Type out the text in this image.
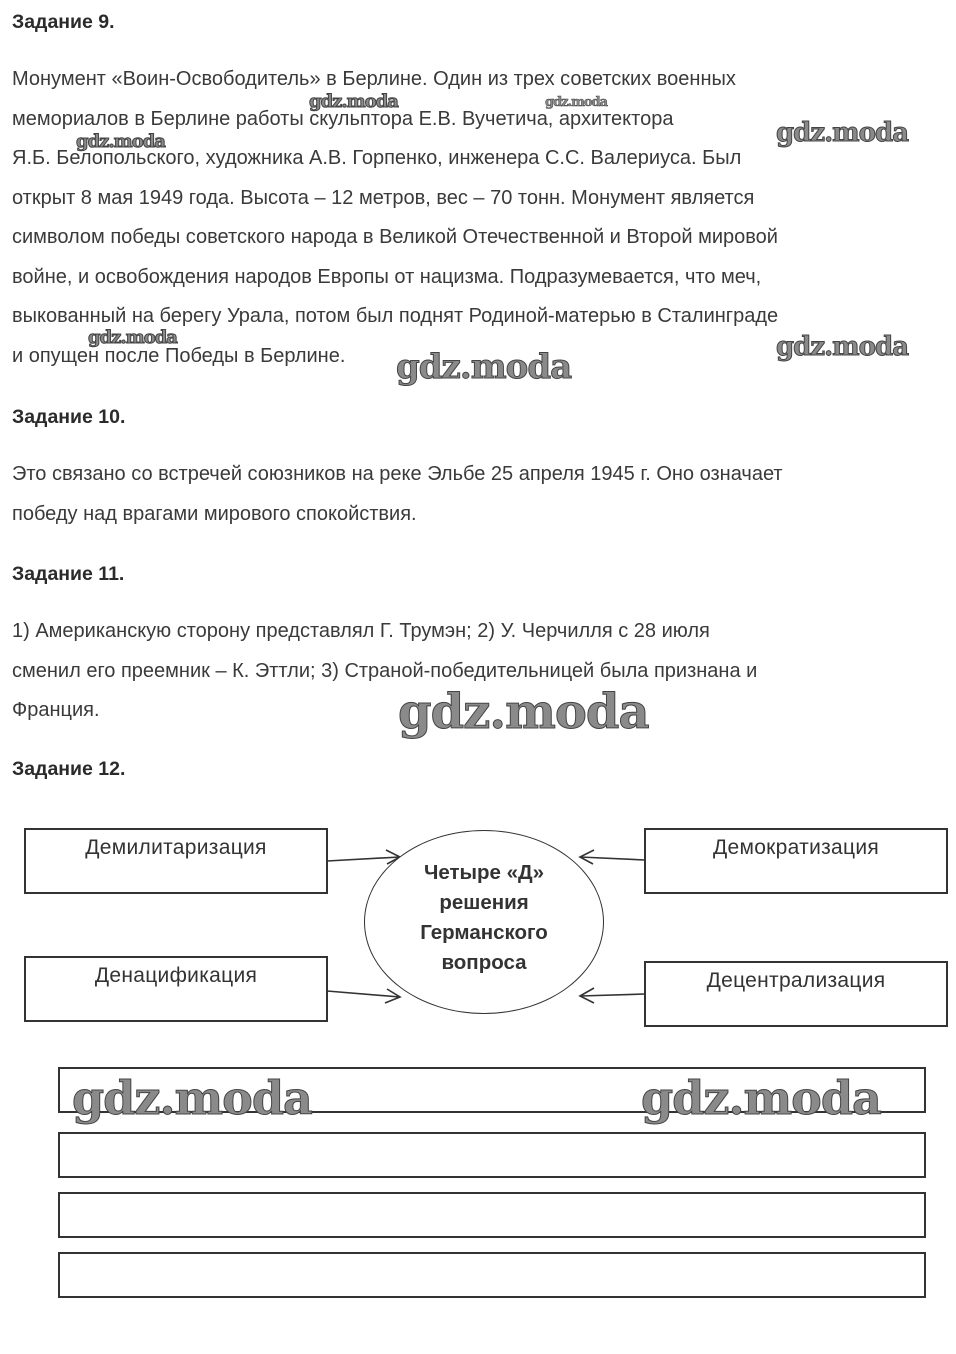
Задание 9.
Монумент «Воин-Освободитель» в Берлине. Один из трех советских военных
мемориалов в Берлине работы скульптора Е.В. Вучетича, архитектора
Я.Б. Белопольского, художника А.В. Горпенко, инженера С.С. Валериуса. Был
открыт 8 мая 1949 года. Высота – 12 метров, вес – 70 тонн. Монумент является
символом победы советского народа в Великой Отечественной и Второй мировой
войне, и освобождения народов Европы от нацизма. Подразумевается, что меч,
выкованный на берегу Урала, потом был поднят Родиной-матерью в Сталинграде
и опущен после Победы в Берлине.
Задание 10.
Это связано со встречей союзников на реке Эльбе 25 апреля 1945 г. Оно означает
победу над врагами мирового спокойствия.
Задание 11.
1) Американскую сторону представлял Г. Трумэн; 2) У. Черчилля с 28 июля
сменил его преемник – К. Эттли; 3) Страной-победительницей была признана и
Франция.
Задание 12.
Демилитаризация
Денацификация
Демократизация
Децентрализация
Четыре «Д»
решения
Германского
вопроса
gdz.moda	gdz.moda
gdz.moda
gdz.moda
gdz.moda	gdz.moda
gdz.moda
gdz.moda
gdz.moda	gdz.moda
